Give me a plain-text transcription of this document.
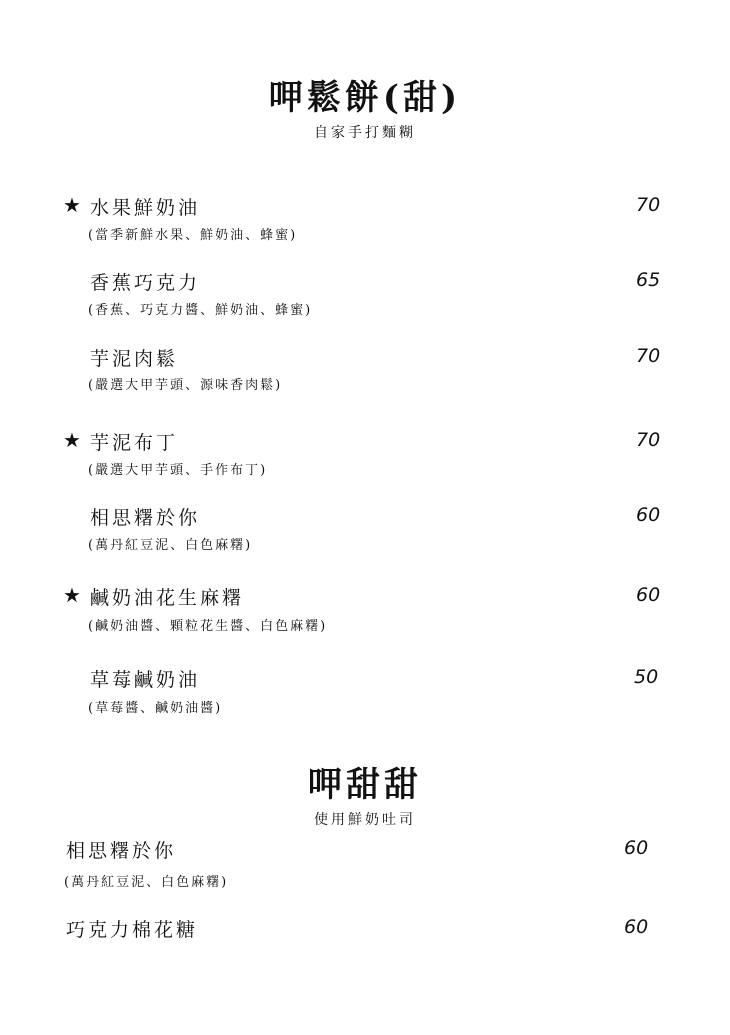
呷鬆餅(甜)
自家手打麵糊
★ 水果鮮奶油
(當季新鮮水果、鮮奶油、蜂蜜)
70
香蕉巧克力
(香蕉、巧克力醬、鮮奶油、蜂蜜)
65
芋泥肉鬆
(嚴選大甲芋頭、源味香肉鬆)
70
★ 芋泥布丁
(嚴選大甲芋頭、手作布丁)
70
相思糬於你
(萬丹紅豆泥、白色麻糬)
60
★ 鹹奶油花生麻糬
(鹹奶油醬、顆粒花生醬、白色麻糬)
60
草莓鹹奶油
(草莓醬、鹹奶油醬)
50
呷甜甜
使用鮮奶吐司
相思糬於你
(萬丹紅豆泥、白色麻糬)
60
巧克力棉花糖	60
